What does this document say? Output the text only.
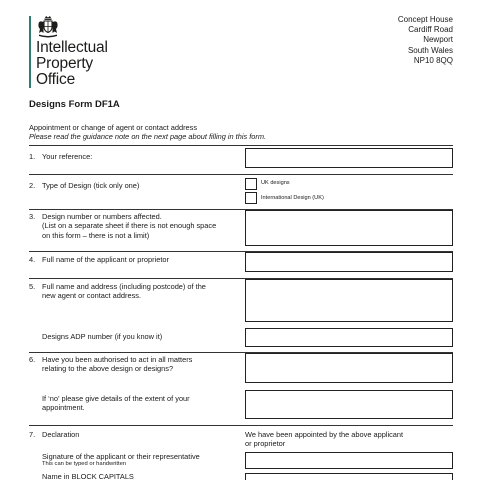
Intellectual
Property
Office
Concept House
Cardiff Road
Newport
South Wales
NP10 8QQ
Designs Form DF1A
Appointment or change of agent or contact address
Please read the guidance note on the next page about filling in this form.
1. Your reference:
2. Type of Design (tick only one)	UK designs
International Design (UK)
3. Design number or numbers affected.
(List on a separate sheet if there is not enough space
on this form – there is not a limit)
4. Full name of the applicant or proprietor
5. Full name and address (including postcode) of the
new agent or contact address.
Designs ADP number (if you know it)
6. Have you been authorised to act in all matters
relating to the above design or designs?
If ‘no’ please give details of the extent of your
appointment.
7. Declaration	We have been appointed by the above applicant
or proprietor
Signature of the applicant or their representative
This can be typed or handwritten
Name in BLOCK CAPITALS
